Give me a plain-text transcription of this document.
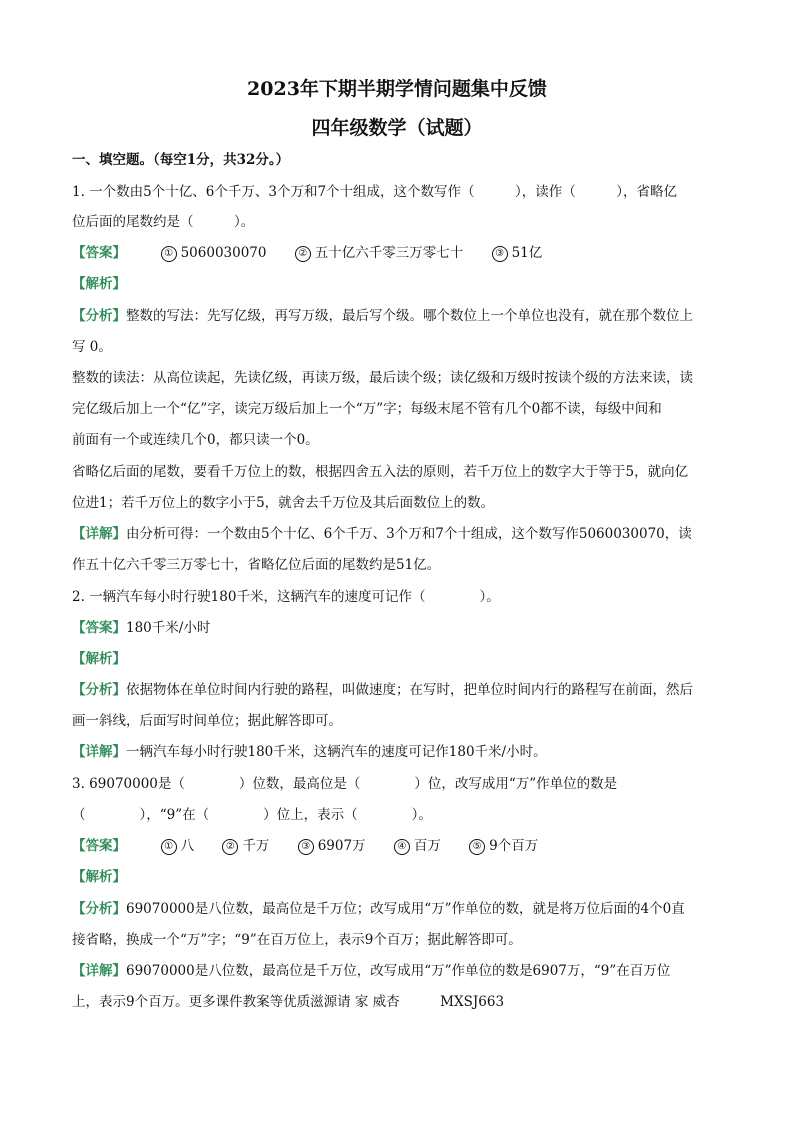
2023年下期半期学情问题集中反馈
四年级数学（试题）
一、填空题。（每空1分，共32分。）
1. 一个数由5个十亿、6个千万、3个万和7个十组成，这个数写作（　　　），读作（　　　），省略亿
位后面的尾数约是（　　　）。
【答案】	① 5060030070	② 五十亿六千零三万零七十	③ 51亿
【解析】
【分析】整数的写法：先写亿级，再写万级，最后写个级。哪个数位上一个单位也没有，就在那个数位上
写 0。
整数的读法：从高位读起，先读亿级，再读万级，最后读个级；读亿级和万级时按读个级的方法来读，读
完亿级后加上一个“亿”字，读完万级后加上一个“万”字；每级末尾不管有几个0都不读，每级中间和
前面有一个或连续几个0，都只读一个0。
省略亿后面的尾数，要看千万位上的数，根据四舍五入法的原则，若千万位上的数字大于等于5，就向亿
位进1；若千万位上的数字小于5，就舍去千万位及其后面数位上的数。
【详解】由分析可得：一个数由5个十亿、6个千万、3个万和7个十组成，这个数写作5060030070，读
作五十亿六千零三万零七十，省略亿位后面的尾数约是51亿。
2. 一辆汽车每小时行驶180千米，这辆汽车的速度可记作（　　　　）。
【答案】180千米/小时
【解析】
【分析】依据物体在单位时间内行驶的路程，叫做速度；在写时，把单位时间内行的路程写在前面，然后
画一斜线，后面写时间单位；据此解答即可。
【详解】一辆汽车每小时行驶180千米，这辆汽车的速度可记作180千米/小时。
3. 69070000是（　　　　）位数，最高位是（　　　　）位，改写成用“万”作单位的数是
（　　　　），“9”在（　　　　）位上，表示（　　　　）。
【答案】	① 八	② 千万	③ 6907万	④ 百万	⑤ 9个百万
【解析】
【分析】69070000是八位数，最高位是千万位；改写成用“万”作单位的数，就是将万位后面的4个0直
接省略，换成一个“万”字；“9”在百万位上，表示9个百万；据此解答即可。
【详解】69070000是八位数，最高位是千万位，改写成用“万”作单位的数是6907万，“9”在百万位
上，表示9个百万。更多课件教案等优质滋源请 家 威杏　　　MXSJ663
